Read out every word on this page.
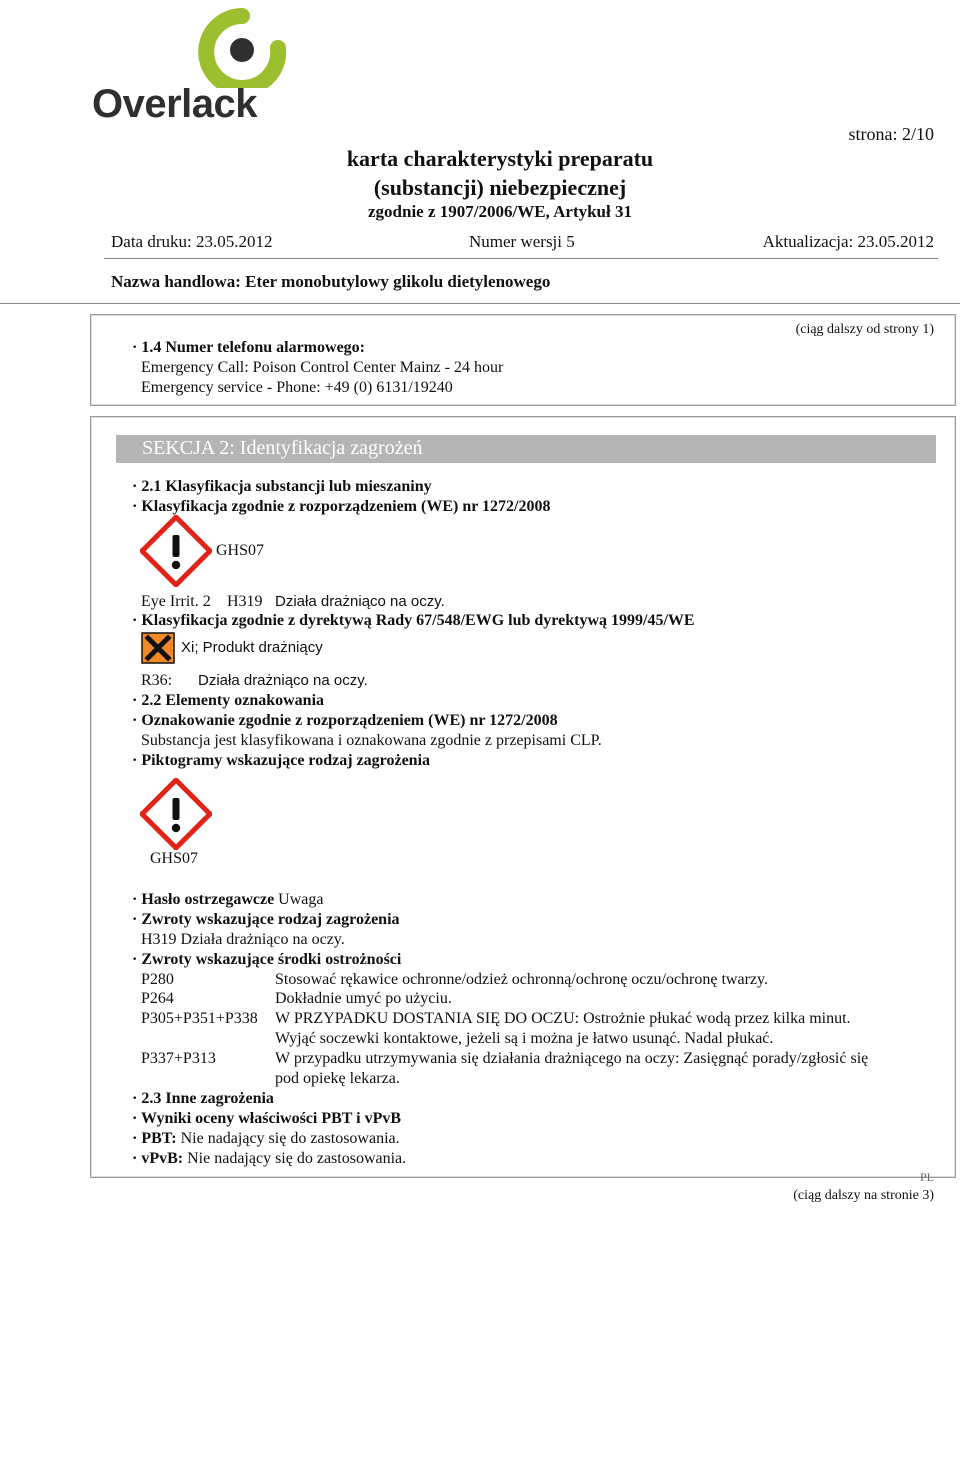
Overlack
strona: 2/10
karta charakterystyki preparatu
(substancji) niebezpiecznej
zgodnie z 1907/2006/WE, Artykuł 31
Data druku: 23.05.2012	Numer wersji 5	Aktualizacja: 23.05.2012
Nazwa handlowa: Eter monobutylowy glikolu dietylenowego
(ciąg dalszy od strony 1)
· 1.4 Numer telefonu alarmowego:
Emergency Call: Poison Control Center Mainz - 24 hour
Emergency service - Phone: +49 (0) 6131/19240
SEKCJA 2: Identyfikacja zagrożeń
· 2.1 Klasyfikacja substancji lub mieszaniny
· Klasyfikacja zgodnie z rozporządzeniem (WE) nr 1272/2008
GHS07
Eye Irrit. 2 H319 Działa drażniąco na oczy.
· Klasyfikacja zgodnie z dyrektywą Rady 67/548/EWG lub dyrektywą 1999/45/WE
Xi; Produkt drażniący
R36: Działa drażniąco na oczy.
· 2.2 Elementy oznakowania
· Oznakowanie zgodnie z rozporządzeniem (WE) nr 1272/2008
Substancja jest klasyfikowana i oznakowana zgodnie z przepisami CLP.
· Piktogramy wskazujące rodzaj zagrożenia
GHS07
· Hasło ostrzegawcze Uwaga
· Zwroty wskazujące rodzaj zagrożenia
H319 Działa drażniąco na oczy.
· Zwroty wskazujące środki ostrożności
P280	Stosować rękawice ochronne/odzież ochronną/ochronę oczu/ochronę twarzy.
P264	Dokładnie umyć po użyciu.
P305+P351+P338 W PRZYPADKU DOSTANIA SIĘ DO OCZU: Ostrożnie płukać wodą przez kilka minut.
Wyjąć soczewki kontaktowe, jeżeli są i można je łatwo usunąć. Nadal płukać.
P337+P313	W przypadku utrzymywania się działania drażniącego na oczy: Zasięgnąć porady/zgłosić się
pod opiekę lekarza.
· 2.3 Inne zagrożenia
· Wyniki oceny właściwości PBT i vPvB
· PBT: Nie nadający się do zastosowania.
· vPvB: Nie nadający się do zastosowania.
PL
(ciąg dalszy na stronie 3)
